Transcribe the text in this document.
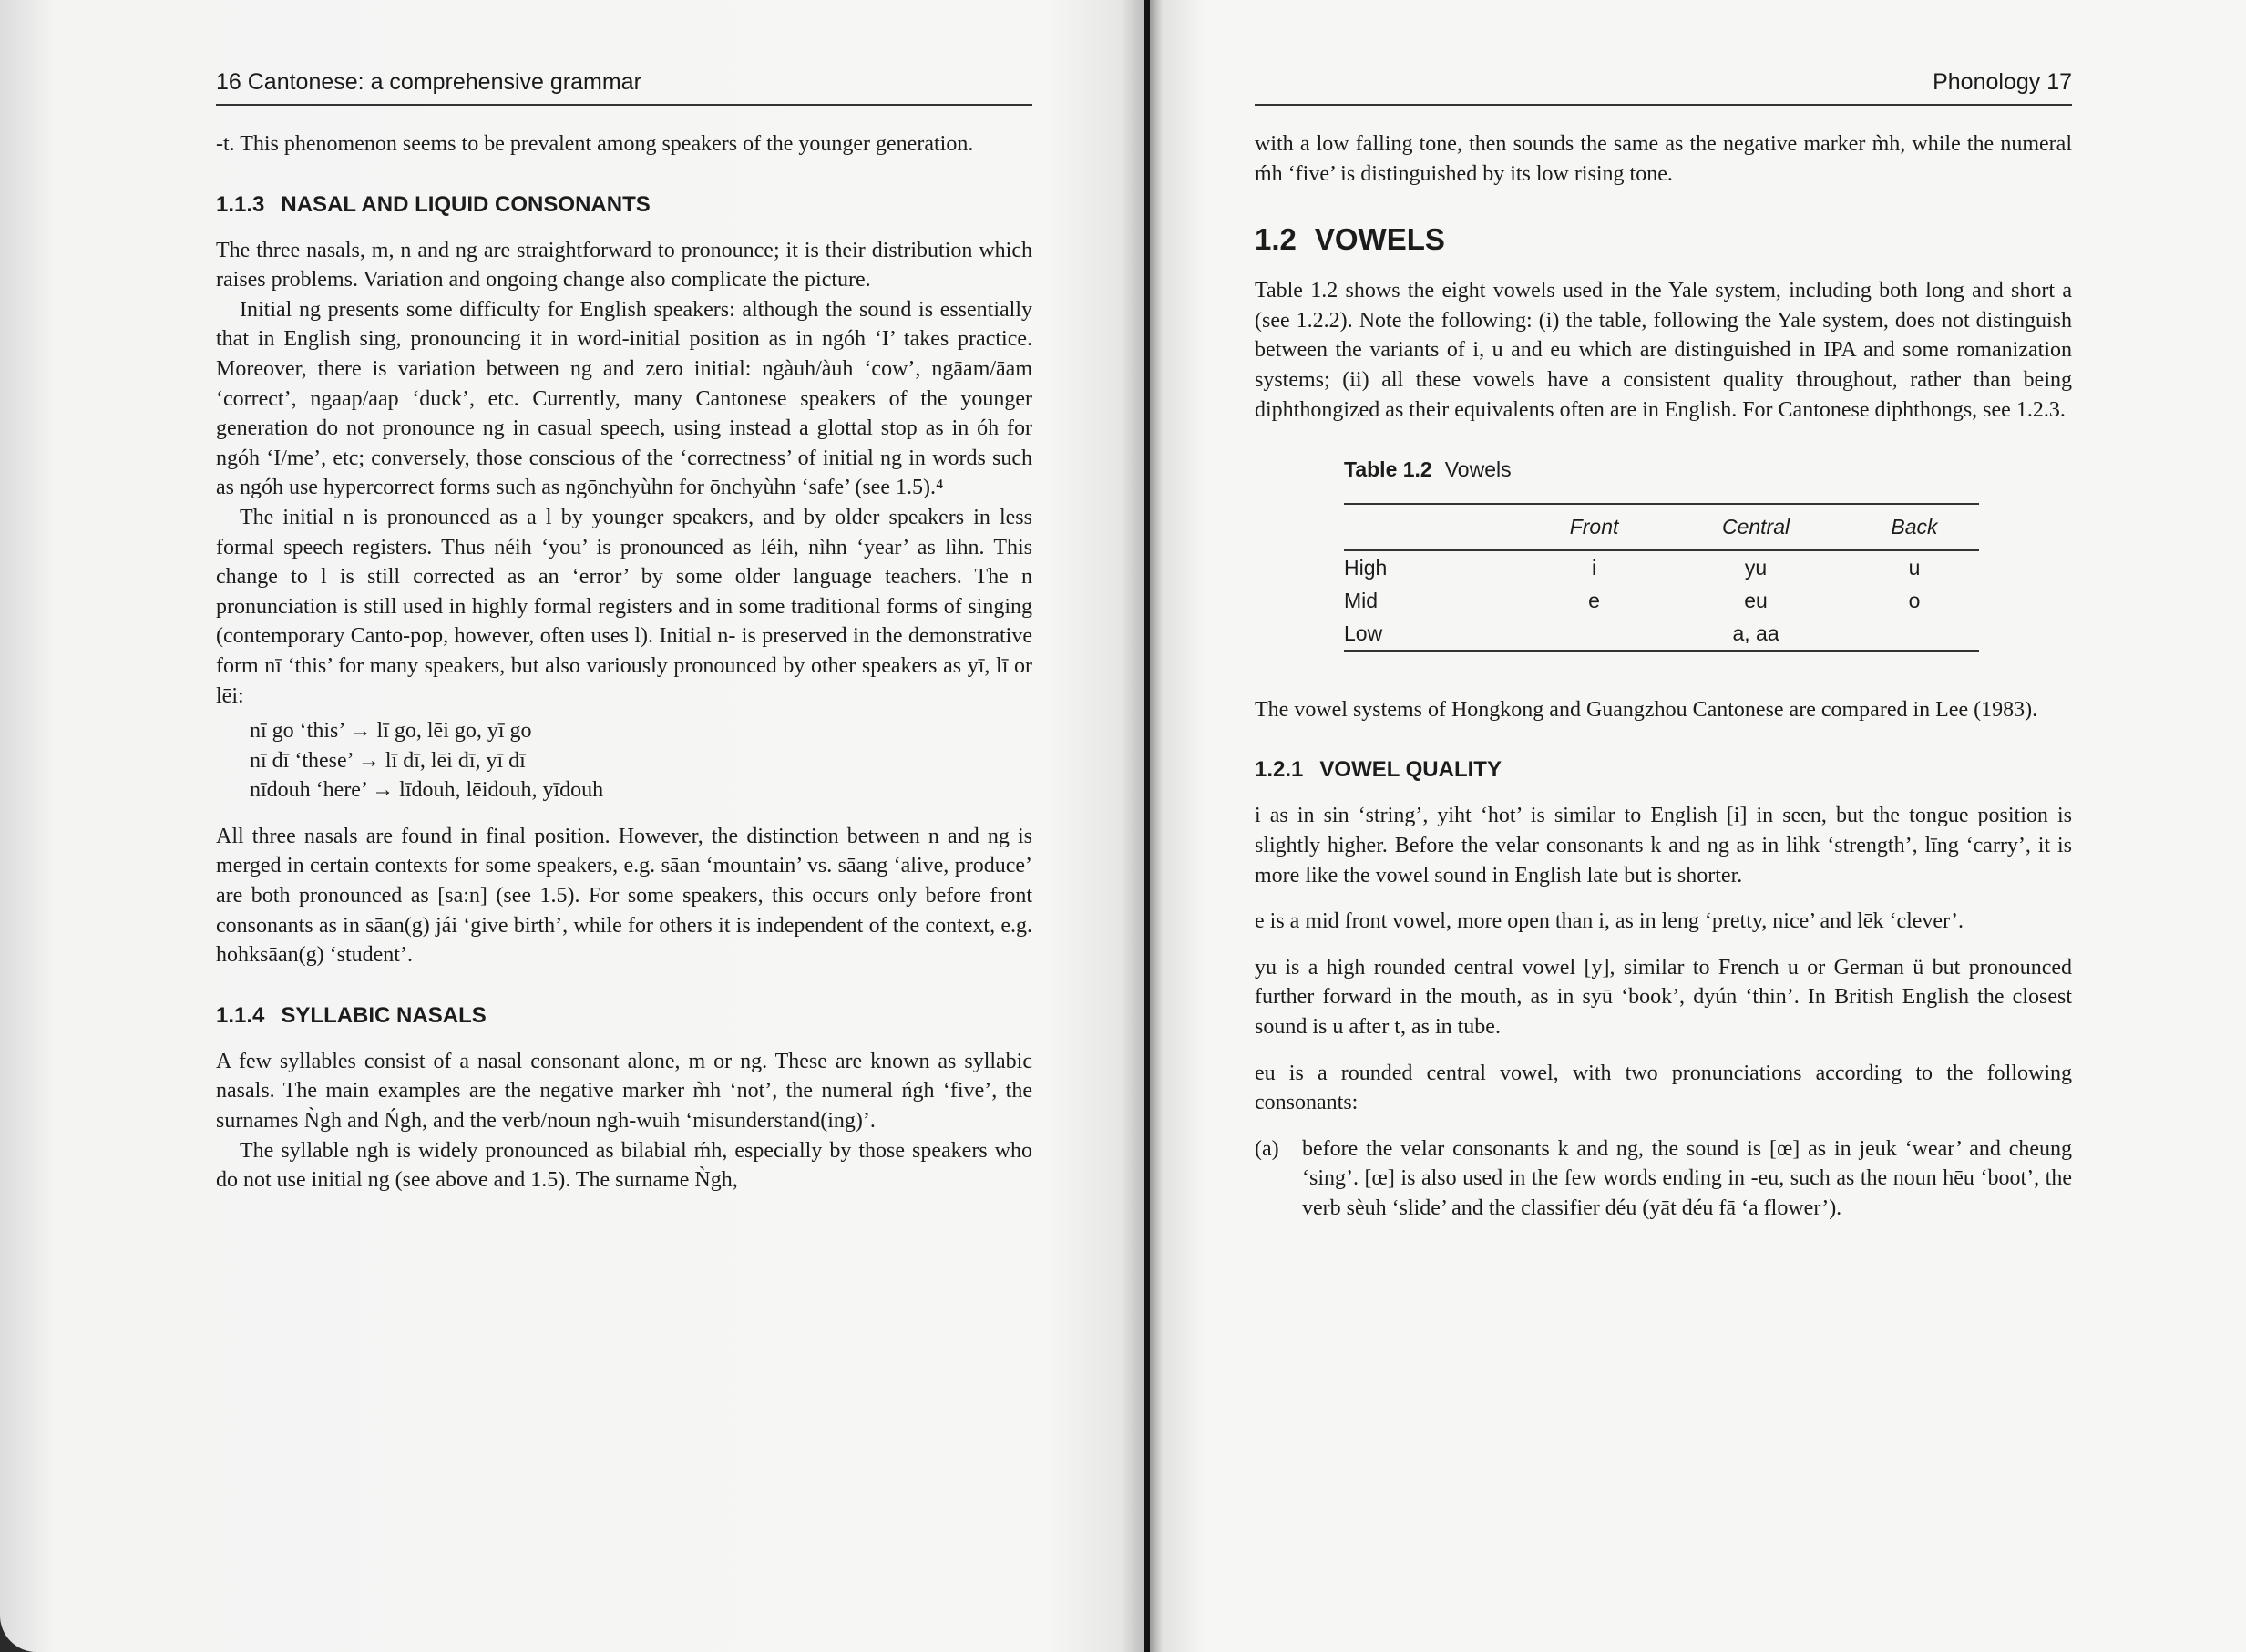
16 Cantonese: a comprehensive grammar

-t. This phenomenon seems to be prevalent among speakers of the younger generation.

1.1.3 NASAL AND LIQUID CONSONANTS

The three nasals, m, n and ng are straightforward to pronounce; it is their distribution which raises problems. Variation and ongoing change also complicate the picture.

Initial ng presents some difficulty for English speakers: although the sound is essentially that in English sing, pronouncing it in word-initial position as in ngóh ‘I’ takes practice. Moreover, there is variation between ng and zero initial: ngàuh/àuh ‘cow’, ngāam/āam ‘correct’, ngaap/aap ‘duck’, etc. Currently, many Cantonese speakers of the younger generation do not pronounce ng in casual speech, using instead a glottal stop as in óh for ngóh ‘I/me’, etc; conversely, those conscious of the ‘correctness’ of initial ng in words such as ngóh use hypercorrect forms such as ngōnchyùhn for ōnchyùhn ‘safe’ (see 1.5).⁴

The initial n is pronounced as a l by younger speakers, and by older speakers in less formal speech registers. Thus néih ‘you’ is pronounced as léih, nìhn ‘year’ as lìhn. This change to l is still corrected as an ‘error’ by some older language teachers. The n pronunciation is still used in highly formal registers and in some traditional forms of singing (contemporary Canto-pop, however, often uses l). Initial n- is preserved in the demonstrative form nī ‘this’ for many speakers, but also variously pronounced by other speakers as yī, lī or lēi:

nī go ‘this’ → lī go, lēi go, yī go
nī dī ‘these’ → lī dī, lēi dī, yī dī
nīdouh ‘here’ → līdouh, lēidouh, yīdouh

All three nasals are found in final position. However, the distinction between n and ng is merged in certain contexts for some speakers, e.g. sāan ‘mountain’ vs. sāang ‘alive, produce’ are both pronounced as [sa:n] (see 1.5). For some speakers, this occurs only before front consonants as in sāan(g) jái ‘give birth’, while for others it is independent of the context, e.g. hohksāan(g) ‘student’.

1.1.4 SYLLABIC NASALS

A few syllables consist of a nasal consonant alone, m or ng. These are known as syllabic nasals. The main examples are the negative marker m̀h ‘not’, the numeral ńgh ‘five’, the surnames Ǹgh and Ńgh, and the verb/noun ngh-wuih ‘misunderstand(ing)’.

The syllable ngh is widely pronounced as bilabial ḿh, especially by those speakers who do not use initial ng (see above and 1.5). The surname Ǹgh,

Phonology 17

with a low falling tone, then sounds the same as the negative marker m̀h, while the numeral ḿh ‘five’ is distinguished by its low rising tone.

1.2 VOWELS

Table 1.2 shows the eight vowels used in the Yale system, including both long and short a (see 1.2.2). Note the following: (i) the table, following the Yale system, does not distinguish between the variants of i, u and eu which are distinguished in IPA and some romanization systems; (ii) all these vowels have a consistent quality throughout, rather than being diphthongized as their equivalents often are in English. For Cantonese diphthongs, see 1.2.3.

Table 1.2 Vowels

	Front	Central	Back
High	i	yu	u
Mid	e	eu	o
Low		a, aa	

The vowel systems of Hongkong and Guangzhou Cantonese are compared in Lee (1983).

1.2.1 VOWEL QUALITY

i as in sin ‘string’, yiht ‘hot’ is similar to English [i] in seen, but the tongue position is slightly higher. Before the velar consonants k and ng as in lihk ‘strength’, līng ‘carry’, it is more like the vowel sound in English late but is shorter.

e is a mid front vowel, more open than i, as in leng ‘pretty, nice’ and lēk ‘clever’.

yu is a high rounded central vowel [y], similar to French u or German ü but pronounced further forward in the mouth, as in syū ‘book’, dyún ‘thin’. In British English the closest sound is u after t, as in tube.

eu is a rounded central vowel, with two pronunciations according to the following consonants:

(a)	before the velar consonants k and ng, the sound is [œ] as in jeuk ‘wear’ and cheung ‘sing’. [œ] is also used in the few words ending in -eu, such as the noun hēu ‘boot’, the verb sèuh ‘slide’ and the classifier déu (yāt déu fā ‘a flower’).
